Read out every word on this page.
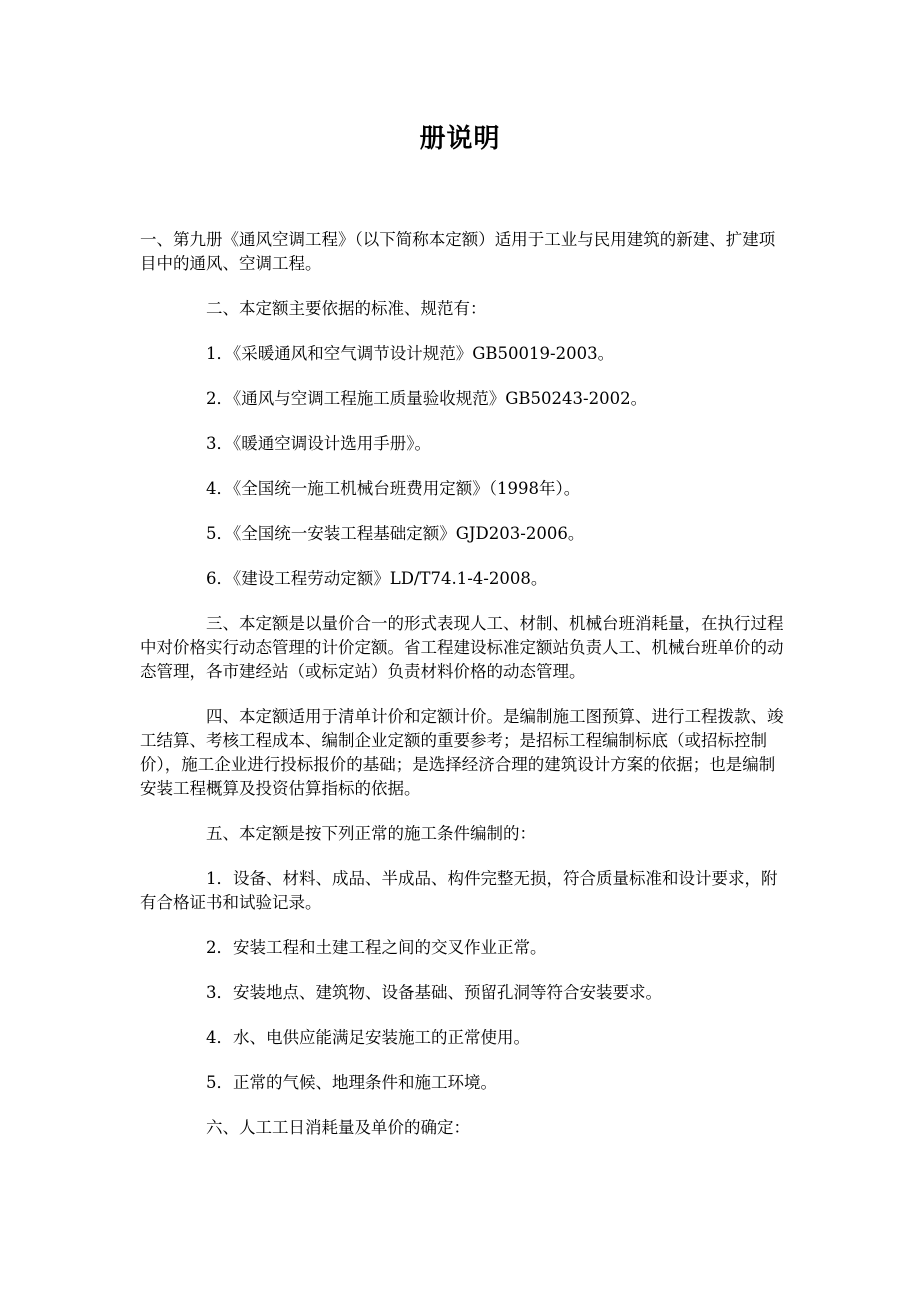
册说明

一、第九册《通风空调工程》（以下简称本定额）适用于工业与民用建筑的新建、扩建项目中的通风、空调工程。

二、本定额主要依据的标准、规范有：

1．《采暖通风和空气调节设计规范》GB50019-2003。

2．《通风与空调工程施工质量验收规范》GB50243-2002。

3．《暖通空调设计选用手册》。

4．《全国统一施工机械台班费用定额》（1998年）。

5．《全国统一安装工程基础定额》GJD203-2006。

6．《建设工程劳动定额》LD/T74.1-4-2008。

三、本定额是以量价合一的形式表现人工、材制、机械台班消耗量，在执行过程中对价格实行动态管理的计价定额。省工程建设标准定额站负责人工、机械台班单价的动态管理，各市建经站（或标定站）负责材料价格的动态管理。

四、本定额适用于清单计价和定额计价。是编制施工图预算、进行工程拨款、竣工结算、考核工程成本、编制企业定额的重要参考；是招标工程编制标底（或招标控制价），施工企业进行投标报价的基础；是选择经济合理的建筑设计方案的依据；也是编制安装工程概算及投资估算指标的依据。

五、本定额是按下列正常的施工条件编制的：

1．设备、材料、成品、半成品、构件完整无损，符合质量标准和设计要求，附有合格证书和试验记录。

2．安装工程和土建工程之间的交叉作业正常。

3．安装地点、建筑物、设备基础、预留孔洞等符合安装要求。

4．水、电供应能满足安装施工的正常使用。

5．正常的气候、地理条件和施工环境。

六、人工工日消耗量及单价的确定：
